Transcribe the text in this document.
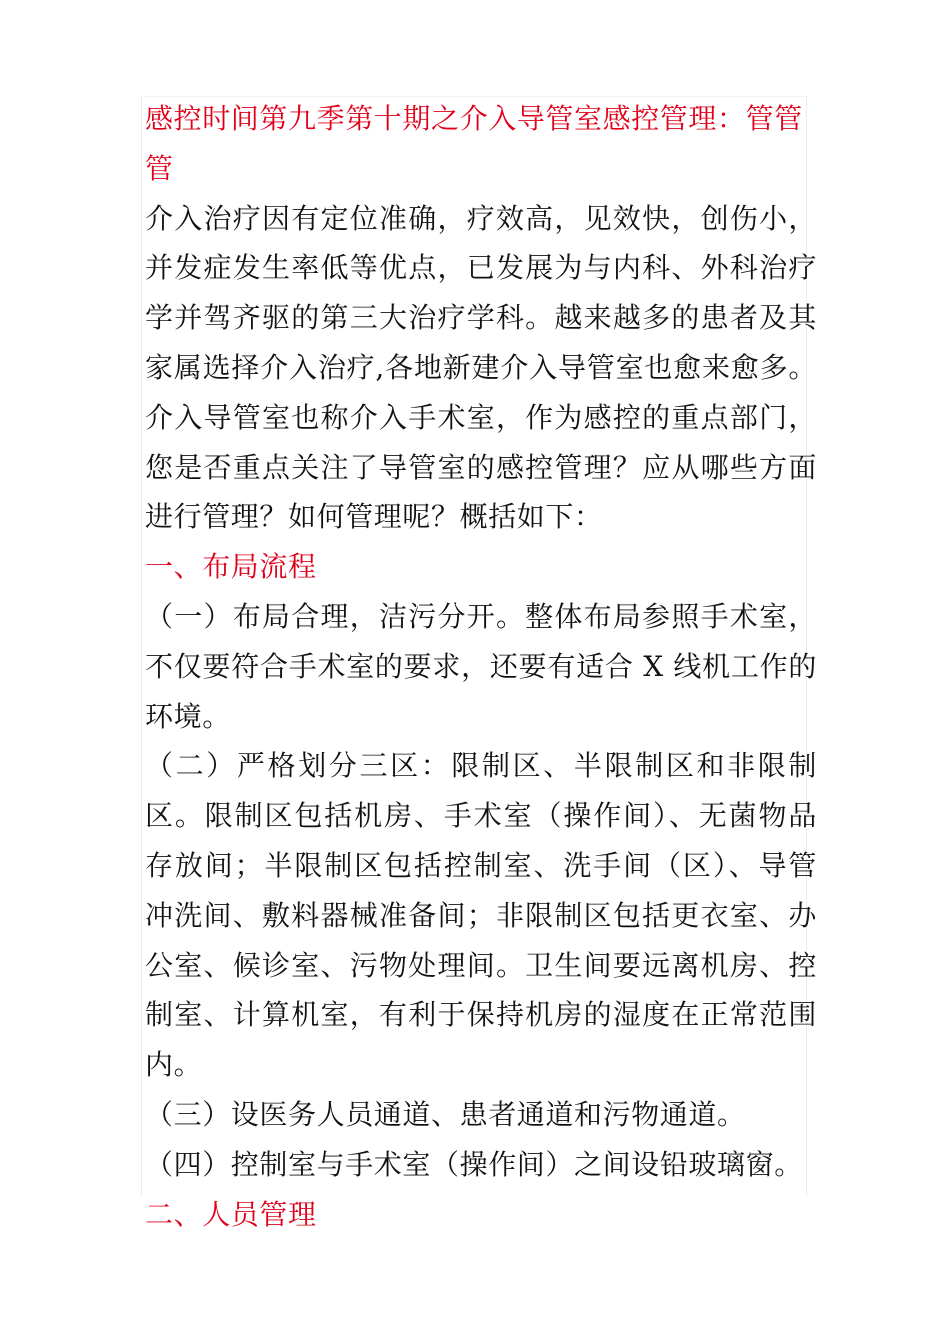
感控时间第九季第十期之介入导管室感控管理：管管管

介入治疗因有定位准确，疗效高，见效快，创伤小，并发症发生率低等优点，已发展为与内科、外科治疗学并驾齐驱的第三大治疗学科。越来越多的患者及其家属选择介入治疗,各地新建介入导管室也愈来愈多。介入导管室也称介入手术室，作为感控的重点部门，您是否重点关注了导管室的感控管理？应从哪些方面进行管理？如何管理呢？概括如下：

一、布局流程

（一）布局合理，洁污分开。整体布局参照手术室，不仅要符合手术室的要求，还要有适合 X 线机工作的环境。

（二）严格划分三区：限制区、半限制区和非限制区。限制区包括机房、手术室（操作间）、无菌物品存放间；半限制区包括控制室、洗手间（区）、导管冲洗间、敷料器械准备间；非限制区包括更衣室、办公室、候诊室、污物处理间。卫生间要远离机房、控制室、计算机室，有利于保持机房的湿度在正常范围内。

（三）设医务人员通道、患者通道和污物通道。

（四）控制室与手术室（操作间）之间设铅玻璃窗。

二、人员管理
